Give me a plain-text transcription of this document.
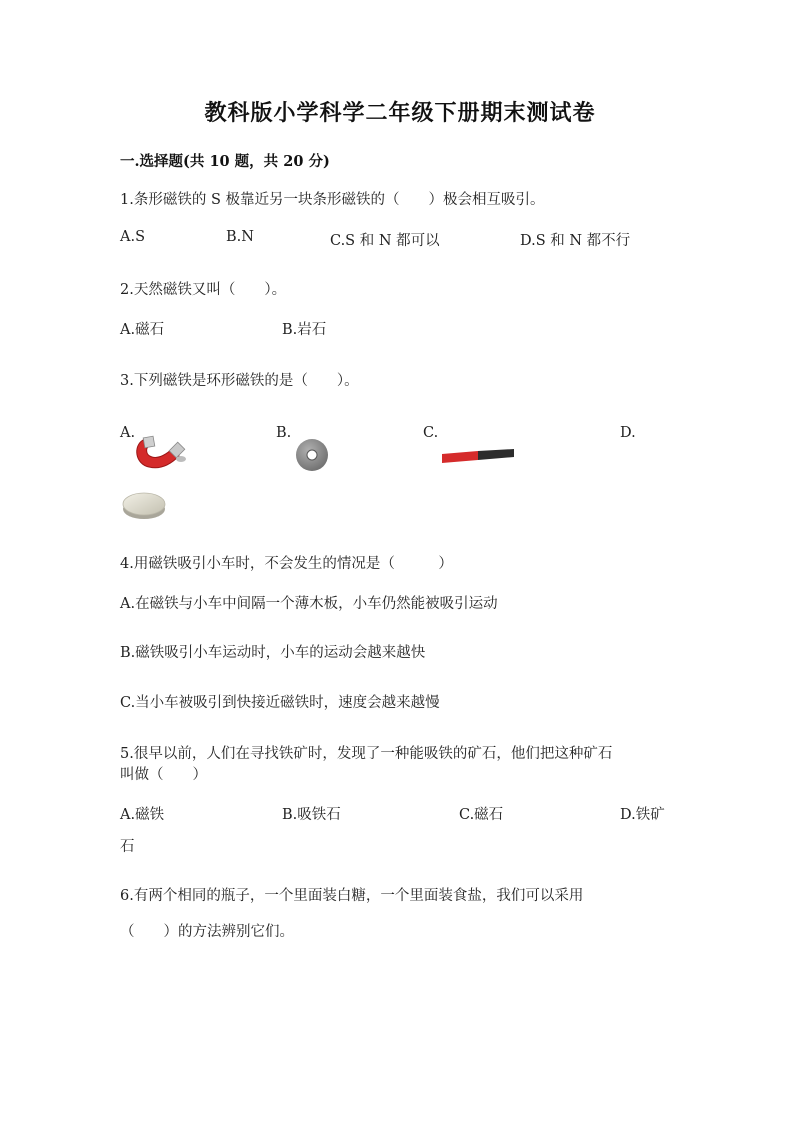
教科版小学科学二年级下册期末测试卷
一.选择题(共 10 题，共 20 分)
1.条形磁铁的 S 极靠近另一块条形磁铁的（　　）极会相互吸引。
A.S	B.N	C.S 和 N 都可以	D.S 和 N 都不行
2.天然磁铁又叫（　　）。
A.磁石	B.岩石
3.下列磁铁是环形磁铁的是（　　）。
A.	B.	C.	D.
4.用磁铁吸引小车时，不会发生的情况是（　　　）
A.在磁铁与小车中间隔一个薄木板，小车仍然能被吸引运动
B.磁铁吸引小车运动时，小车的运动会越来越快
C.当小车被吸引到快接近磁铁时，速度会越来越慢
5.很早以前，人们在寻找铁矿时，发现了一种能吸铁的矿石，他们把这种矿石
叫做（　　）
A.磁铁	B.吸铁石	C.磁石	D.铁矿
石
6.有两个相同的瓶子，一个里面装白糖，一个里面装食盐，我们可以采用
（　　）的方法辨别它们。
